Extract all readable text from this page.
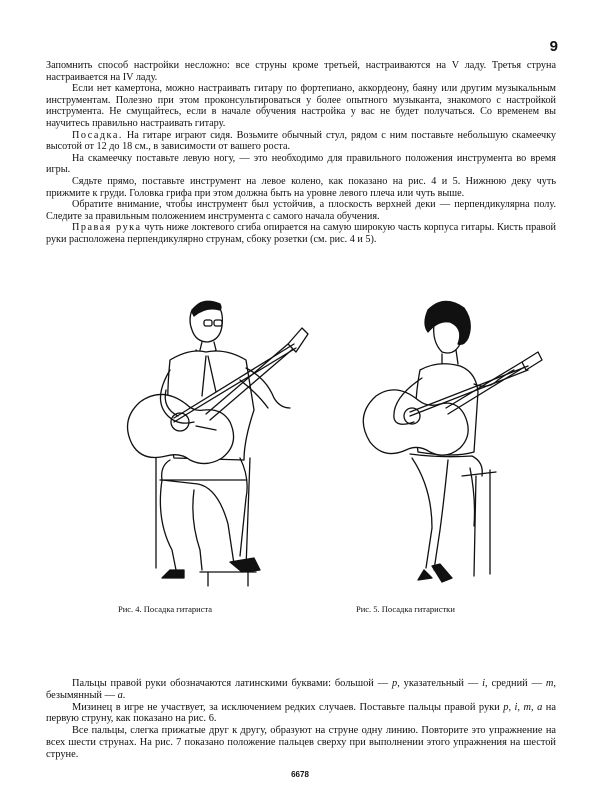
9

Запомнить способ настройки несложно: все струны кроме третьей, настраиваются на V ладу. Третья струна настраивается на IV ладу.

Если нет камертона, можно настраивать гитару по фортепиано, аккордеону, баяну или другим музыкальным инструментам. Полезно при этом проконсультироваться у более опытного музыканта, знакомого с настройкой инструмента. Не смущайтесь, если в начале обучения настройка у вас не будет получаться. Со временем вы научитесь правильно настраивать гитару.

Посадка. На гитаре играют сидя. Возьмите обычный стул, рядом с ним поставьте небольшую скамеечку высотой от 12 до 18 см., в зависимости от вашего роста.

На скамеечку поставьте левую ногу, — это необходимо для правильного положения инструмента во время игры.

Сядьте прямо, поставьте инструмент на левое колено, как показано на рис. 4 и 5. Нижнюю деку чуть прижмите к груди. Головка грифа при этом должна быть на уровне левого плеча или чуть выше.

Обратите внимание, чтобы инструмент был устойчив, а плоскость верхней деки — перпендикулярна полу. Следите за правильным положением инструмента с самого начала обучения.

Правая рука чуть ниже локтевого сгиба опирается на самую широкую часть корпуса гитары. Кисть правой руки расположена перпендикулярно струнам, сбоку розетки (см. рис. 4 и 5).

Рис. 4. Посадка гитариста	Рис. 5. Посадка гитаристки

Пальцы правой руки обозначаются латинскими буквами: большой — p, указательный — i, средний — m, безымянный — a.

Мизинец в игре не участвует, за исключением редких случаев. Поставьте пальцы правой руки p, i, m, a на первую струну, как показано на рис. 6.

Все пальцы, слегка прижатые друг к другу, образуют на струне одну линию. Повторите это упражнение на всех шести струнах. На рис. 7 показано положение пальцев сверху при выполнении этого упражнения на шестой струне.

6678
